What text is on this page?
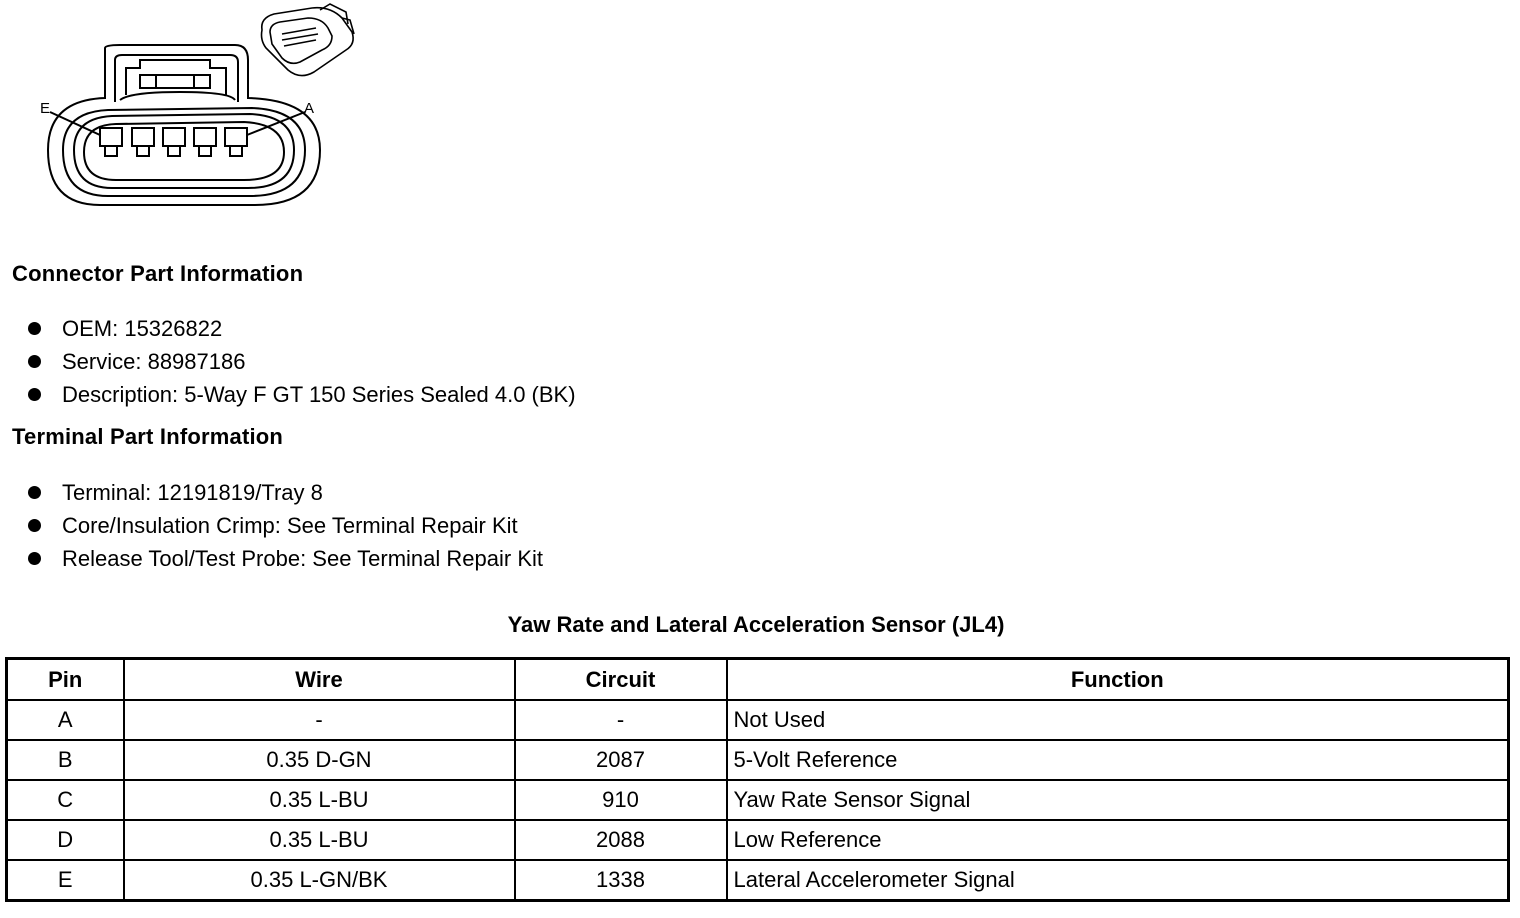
E	A
Connector Part Information
OEM: 15326822
Service: 88987186
Description: 5-Way F GT 150 Series Sealed 4.0 (BK)
Terminal Part Information
Terminal: 12191819/Tray 8
Core/Insulation Crimp: See Terminal Repair Kit
Release Tool/Test Probe: See Terminal Repair Kit
Yaw Rate and Lateral Acceleration Sensor (JL4)
Pin	Wire	Circuit	Function
A	-	-	Not Used
B	0.35 D-GN	2087	5-Volt Reference
C	0.35 L-BU	910	Yaw Rate Sensor Signal
D	0.35 L-BU	2088	Low Reference
E	0.35 L-GN/BK	1338	Lateral Accelerometer Signal
